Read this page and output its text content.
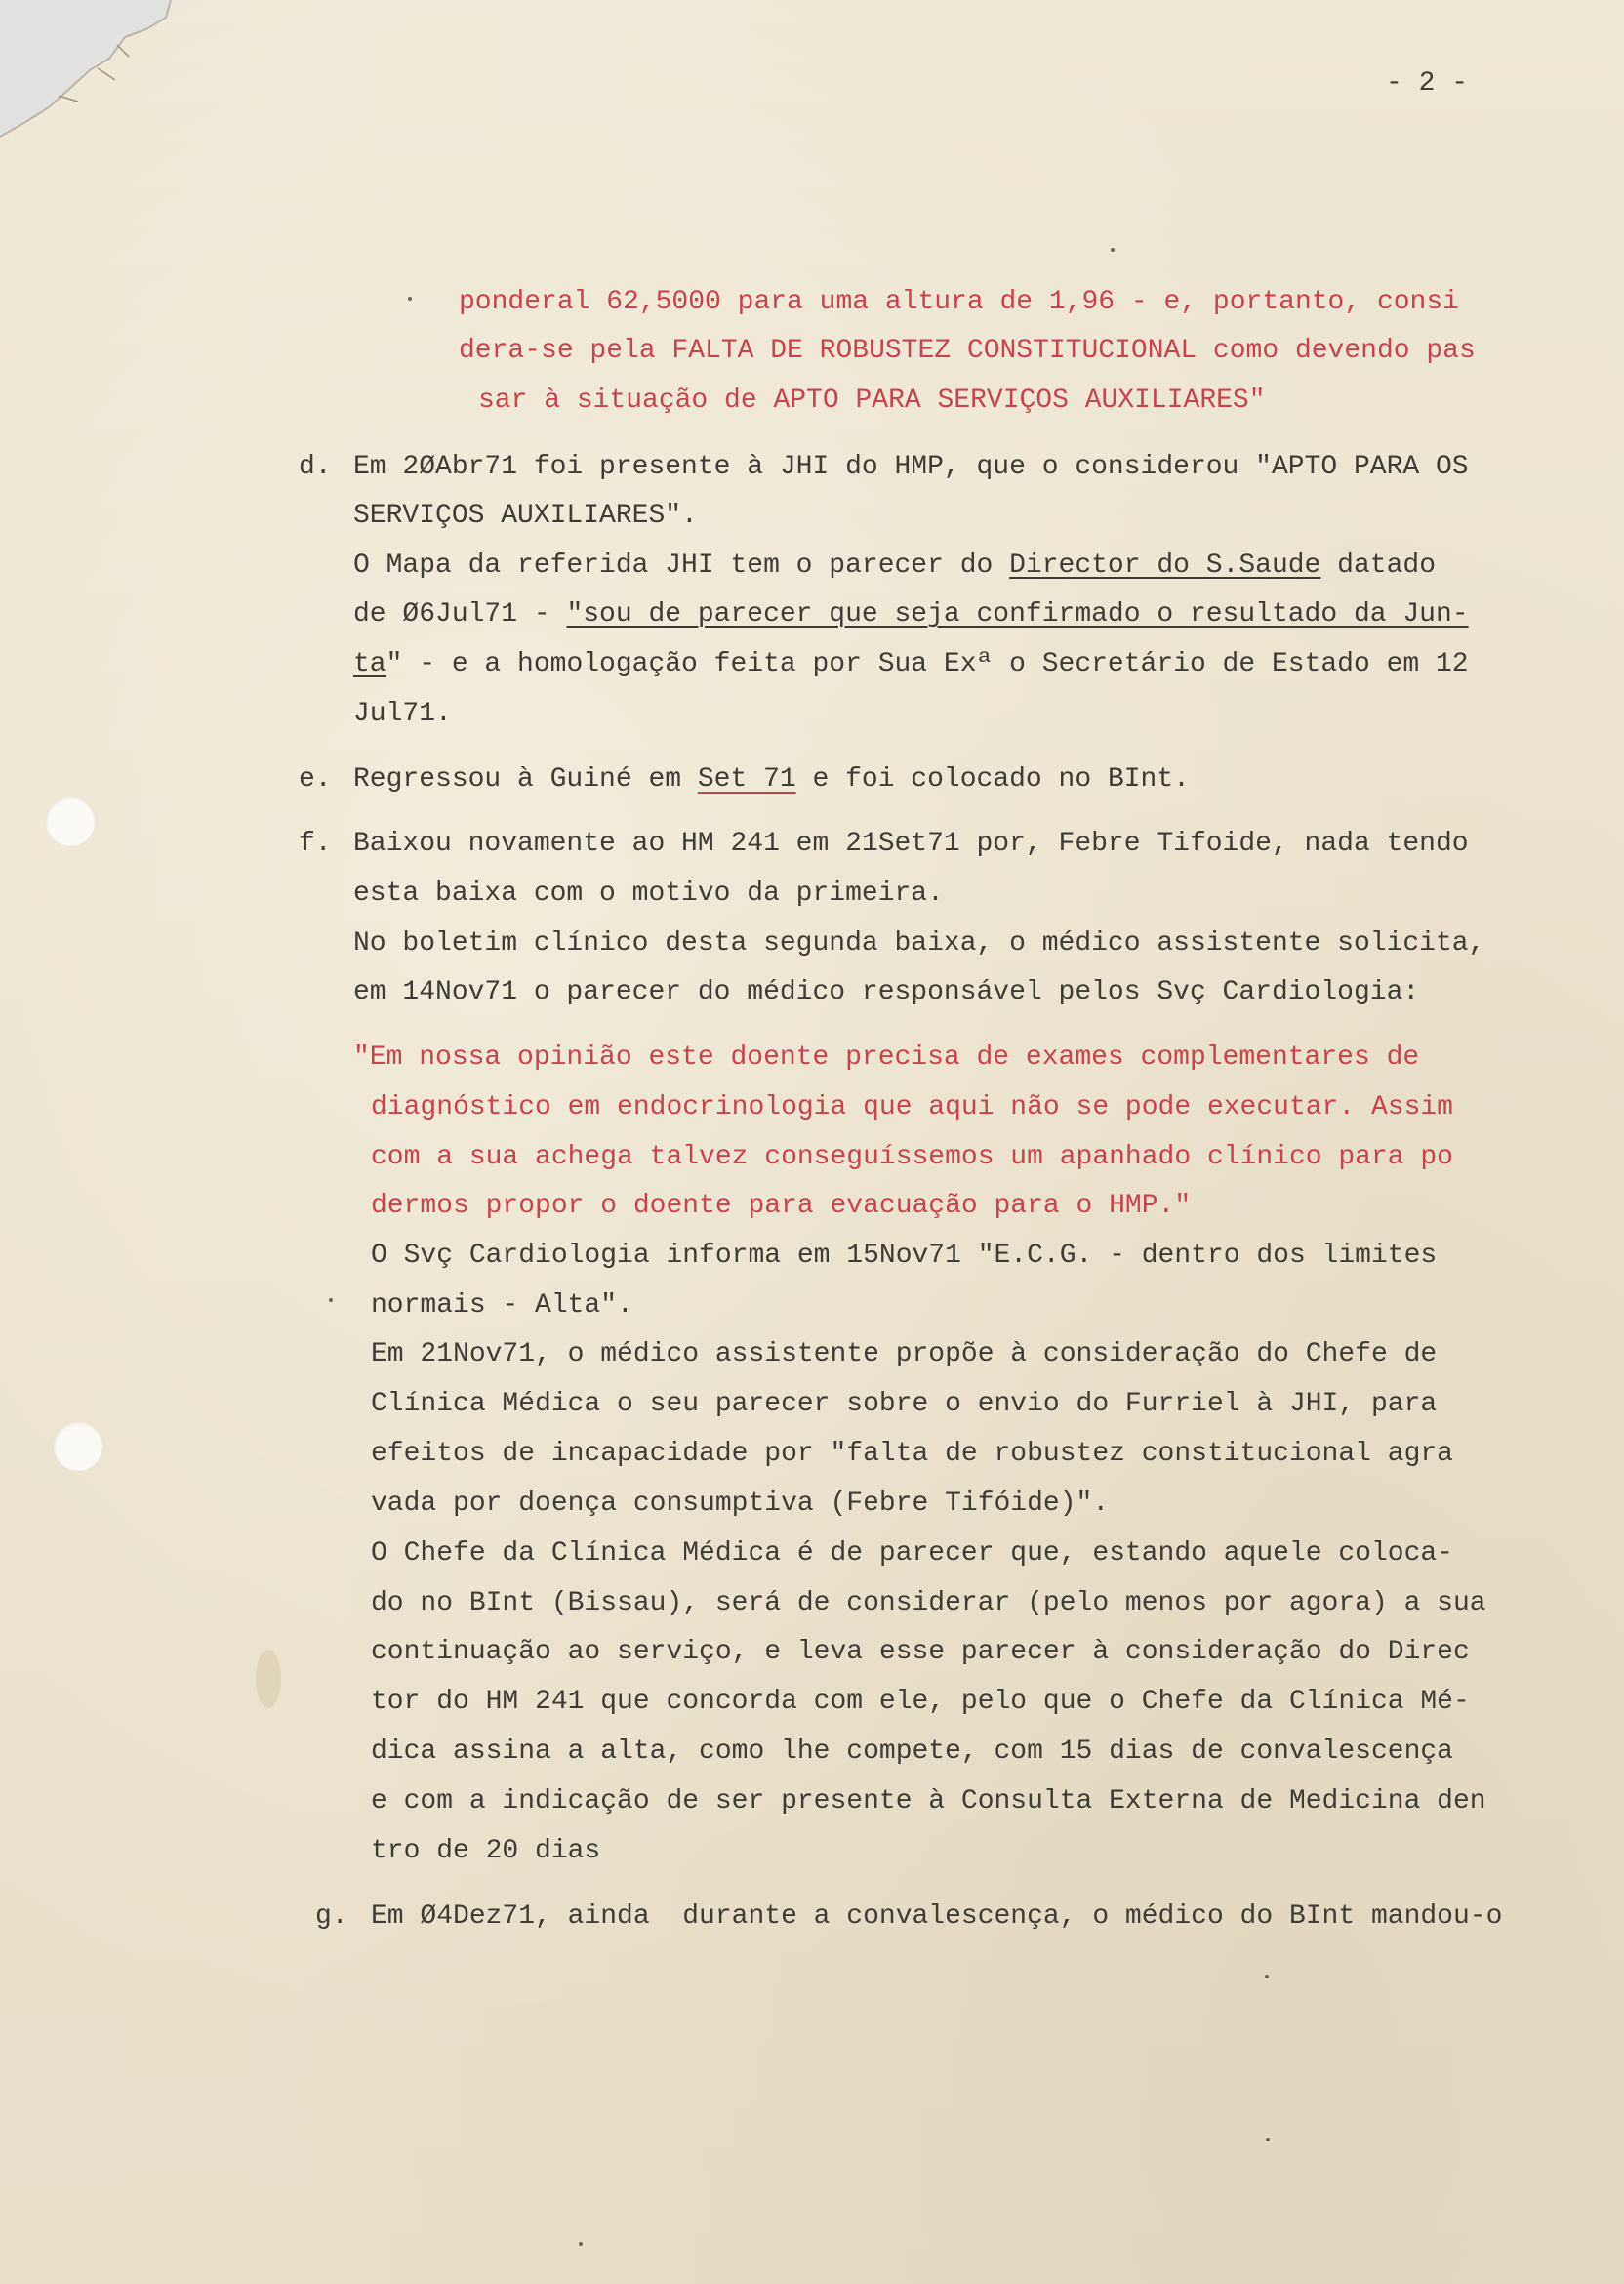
- 2 -
ponderal 62,5000 para uma altura de 1,96 - e, portanto, consi
dera-se pela FALTA DE ROBUSTEZ CONSTITUCIONAL como devendo pas
sar à situação de APTO PARA SERVIÇOS AUXILIARES"
d. Em 2ØAbr71 foi presente à JHI do HMP, que o considerou "APTO PARA OS
SERVIÇOS AUXILIARES".
O Mapa da referida JHI tem o parecer do Director do S.Saude datado
de Ø6Jul71 - "sou de parecer que seja confirmado o resultado da Jun-
ta" - e a homologação feita por Sua Exª o Secretário de Estado em 12
Jul71.
e. Regressou à Guiné em Set 71 e foi colocado no BInt.
f. Baixou novamente ao HM 241 em 21Set71 por, Febre Tifoide, nada tendo
esta baixa com o motivo da primeira.
No boletim clínico desta segunda baixa, o médico assistente solicita,
em 14Nov71 o parecer do médico responsável pelos Svç Cardiologia:
"Em nossa opinião este doente precisa de exames complementares de
diagnóstico em endocrinologia que aqui não se pode executar. Assim
com a sua achega talvez conseguíssemos um apanhado clínico para po
dermos propor o doente para evacuação para o HMP."
O Svç Cardiologia informa em 15Nov71 "E.C.G. - dentro dos limites
normais - Alta".
Em 21Nov71, o médico assistente propõe à consideração do Chefe de
Clínica Médica o seu parecer sobre o envio do Furriel à JHI, para
efeitos de incapacidade por "falta de robustez constitucional agra
vada por doença consumptiva (Febre Tifóide)".
O Chefe da Clínica Médica é de parecer que, estando aquele coloca-
do no BInt (Bissau), será de considerar (pelo menos por agora) a sua
continuação ao serviço, e leva esse parecer à consideração do Direc
tor do HM 241 que concorda com ele, pelo que o Chefe da Clínica Mé-
dica assina a alta, como lhe compete, com 15 dias de convalescença
e com a indicação de ser presente à Consulta Externa de Medicina den
tro de 20 dias
g. Em Ø4Dez71, ainda  durante a convalescença, o médico do BInt mandou-o
